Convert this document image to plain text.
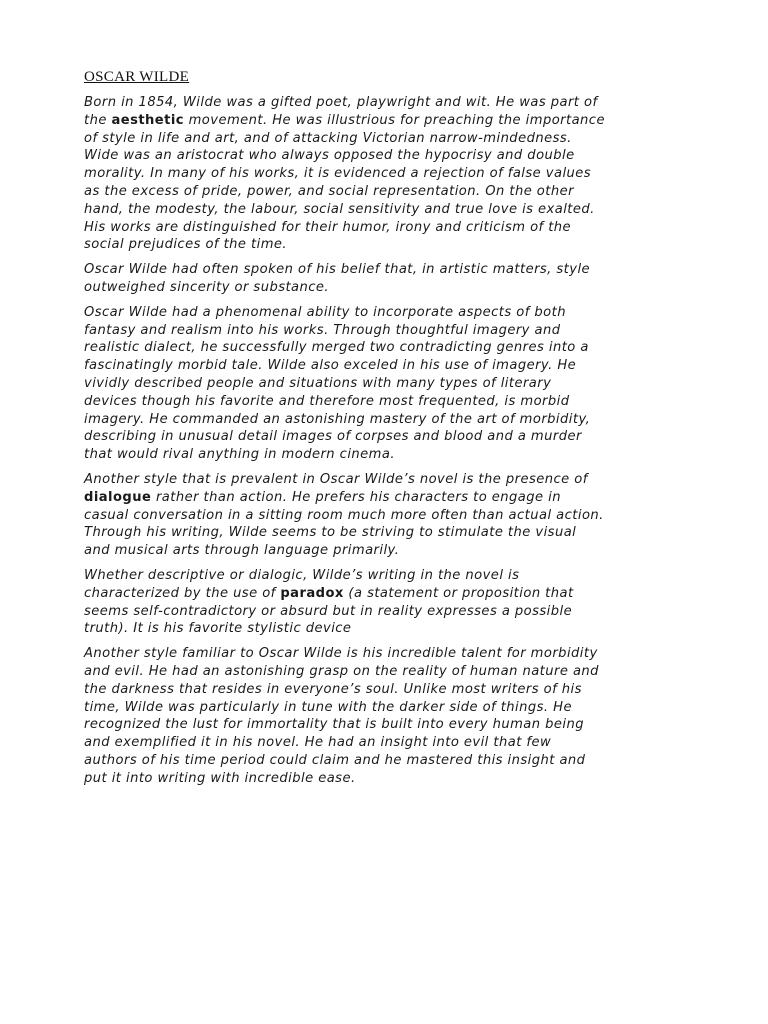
OSCAR WILDE
Born in 1854, Wilde was a gifted poet, playwright and wit. He was part of
the aesthetic movement. He was illustrious for preaching the importance
of style in life and art, and of attacking Victorian narrow-mindedness.
Wide was an aristocrat who always opposed the hypocrisy and double
morality. In many of his works, it is evidenced a rejection of false values
as the excess of pride, power, and social representation. On the other
hand, the modesty, the labour, social sensitivity and true love is exalted.
His works are distinguished for their humor, irony and criticism of the
social prejudices of the time.
Oscar Wilde had often spoken of his belief that, in artistic matters, style
outweighed sincerity or substance.
Oscar Wilde had a phenomenal ability to incorporate aspects of both
fantasy and realism into his works. Through thoughtful imagery and
realistic dialect, he successfully merged two contradicting genres into a
fascinatingly morbid tale. Wilde also exceled in his use of imagery. He
vividly described people and situations with many types of literary
devices though his favorite and therefore most frequented, is morbid
imagery. He commanded an astonishing mastery of the art of morbidity,
describing in unusual detail images of corpses and blood and a murder
that would rival anything in modern cinema.
Another style that is prevalent in Oscar Wilde’s novel is the presence of
dialogue rather than action. He prefers his characters to engage in
casual conversation in a sitting room much more often than actual action.
Through his writing, Wilde seems to be striving to stimulate the visual
and musical arts through language primarily.
Whether descriptive or dialogic, Wilde’s writing in the novel is
characterized by the use of paradox (a statement or proposition that
seems self-contradictory or absurd but in reality expresses a possible
truth). It is his favorite stylistic device
Another style familiar to Oscar Wilde is his incredible talent for morbidity
and evil. He had an astonishing grasp on the reality of human nature and
the darkness that resides in everyone’s soul. Unlike most writers of his
time, Wilde was particularly in tune with the darker side of things. He
recognized the lust for immortality that is built into every human being
and exemplified it in his novel. He had an insight into evil that few
authors of his time period could claim and he mastered this insight and
put it into writing with incredible ease.
